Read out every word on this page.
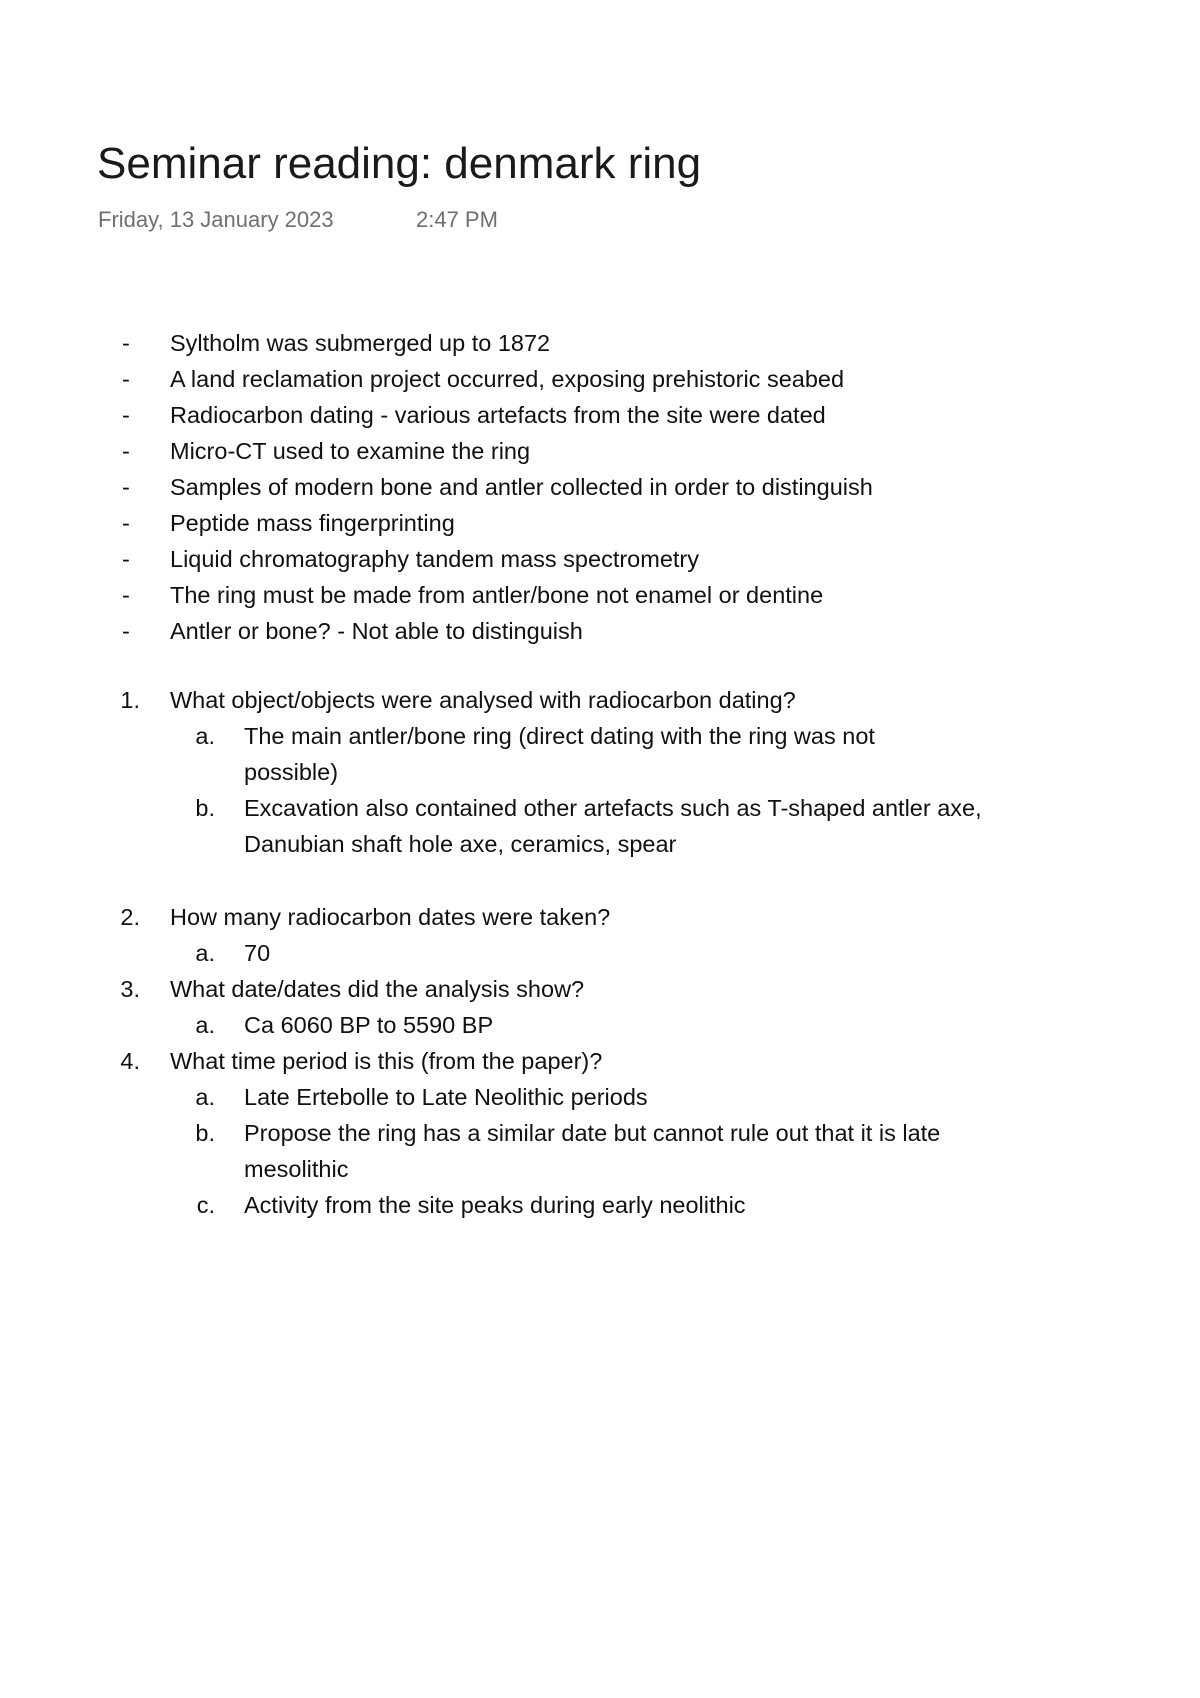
Seminar reading: denmark ring
Friday, 13 January 2023	2:47 PM
-	Syltholm was submerged up to 1872
-	A land reclamation project occurred, exposing prehistoric seabed
-	Radiocarbon dating - various artefacts from the site were dated
-	Micro-CT used to examine the ring
-	Samples of modern bone and antler collected in order to distinguish
-	Peptide mass fingerprinting
-	Liquid chromatography tandem mass spectrometry
-	The ring must be made from antler/bone not enamel or dentine
-	Antler or bone? - Not able to distinguish
1. What object/objects were analysed with radiocarbon dating?
a. The main antler/bone ring (direct dating with the ring was not
possible)
b. Excavation also contained other artefacts such as T-shaped antler axe,
Danubian shaft hole axe, ceramics, spear
2. How many radiocarbon dates were taken?
a. 70
3. What date/dates did the analysis show?
a. Ca 6060 BP to 5590 BP
4. What time period is this (from the paper)?
a. Late Ertebolle to Late Neolithic periods
b. Propose the ring has a similar date but cannot rule out that it is late
mesolithic
c. Activity from the site peaks during early neolithic
